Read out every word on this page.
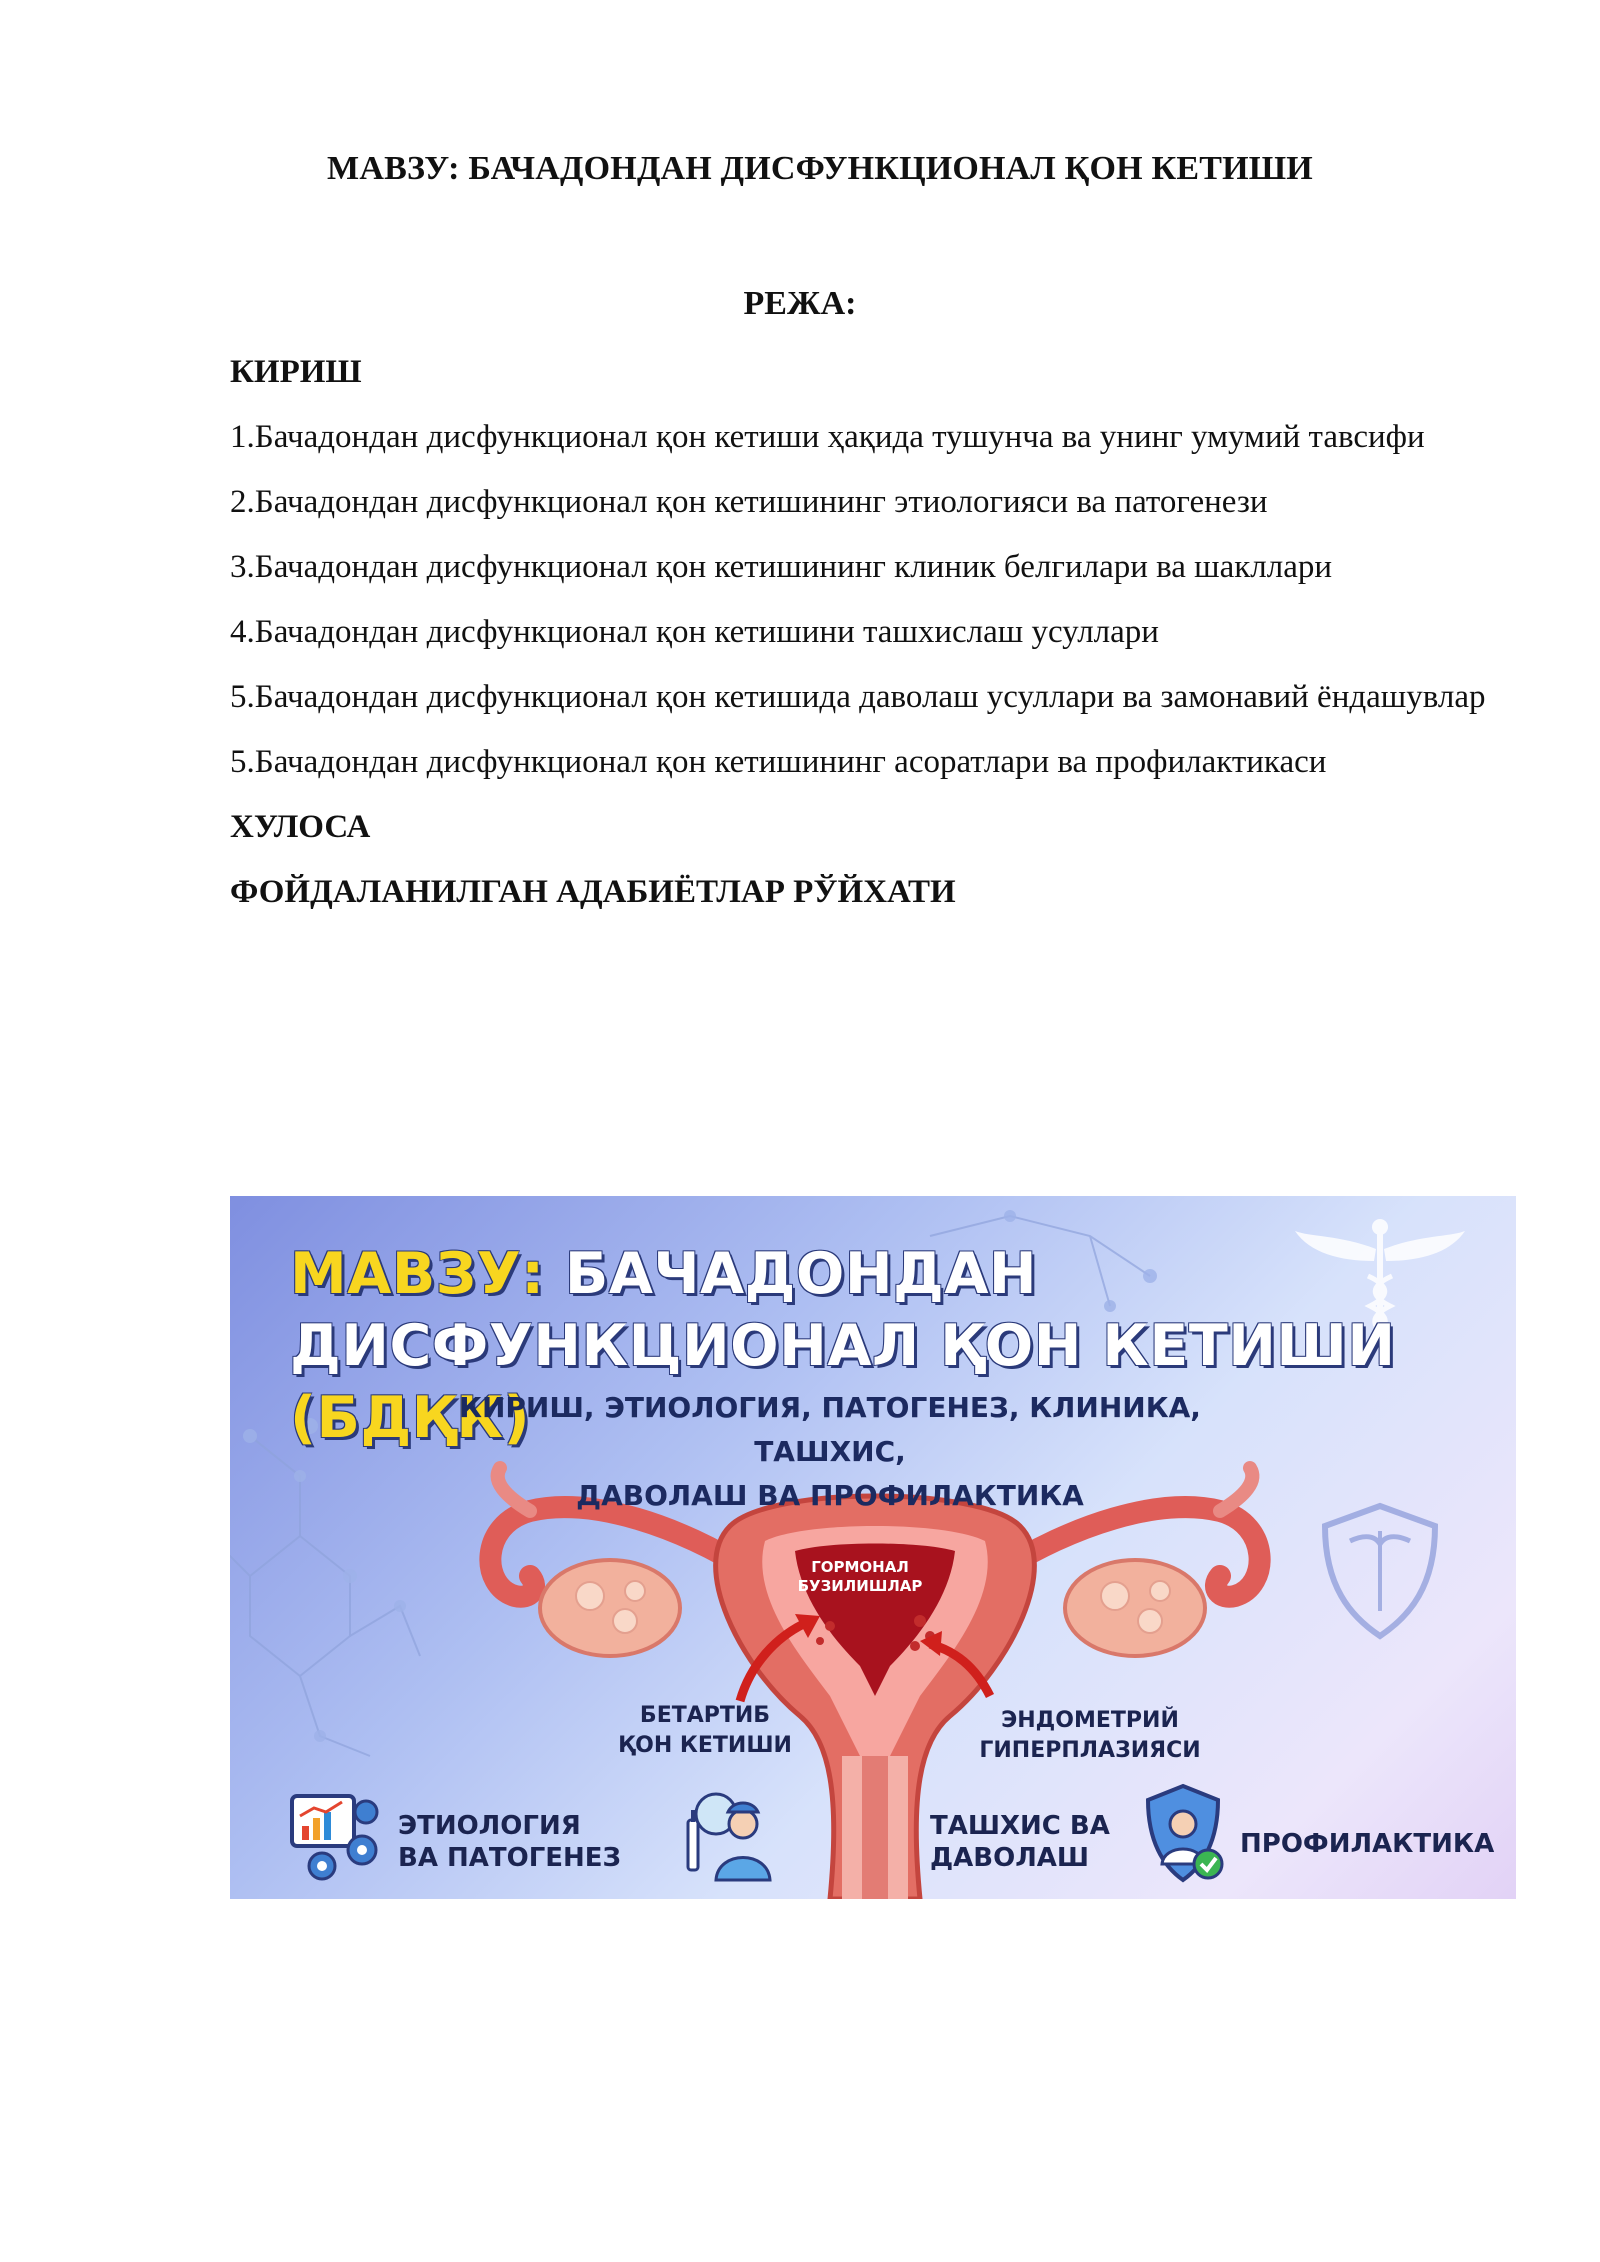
МАВЗУ: БАЧАДОНДАН ДИСФУНКЦИОНАЛ ҚОН КЕТИШИ
РЕЖА:
КИРИШ
1.Бачадондан дисфункционал қон кетиши ҳақида тушунча ва унинг умумий тавсифи
2.Бачадондан дисфункционал қон кетишининг этиологияси ва патогенези
3.Бачадондан дисфункционал қон кетишининг клиник белгилари ва шакллари
4.Бачадондан дисфункционал қон кетишини ташхислаш усуллари
5.Бачадондан дисфункционал қон кетишида даволаш усуллари ва замонавий ёндашувлар
5.Бачадондан дисфункционал қон кетишининг асоратлари ва профилактикаси
ХУЛОСА
ФОЙДАЛАНИЛГАН АДАБИЁТЛАР РЎЙХАТИ
МАВЗУ: БАЧАДОНДАН
ДИСФУНКЦИОНАЛ ҚОН КЕТИШИ (БДҚК)
КИРИШ, ЭТИОЛОГИЯ, ПАТОГЕНЕЗ, КЛИНИКА, ТАШХИС,
ДАВОЛАШ ВА ПРОФИЛАКТИКА
ГОРМОНАЛ
БУЗИЛИШЛАР
БЕТАРТИБ
ҚОН КЕТИШИ
ЭНДОМЕТРИЙ
ГИПЕРПЛАЗИЯСИ
ЭТИОЛОГИЯ
ВА ПАТОГЕНЕЗ
ТАШХИС ВА
ДАВОЛАШ	ПРОФИЛАКТИКА
